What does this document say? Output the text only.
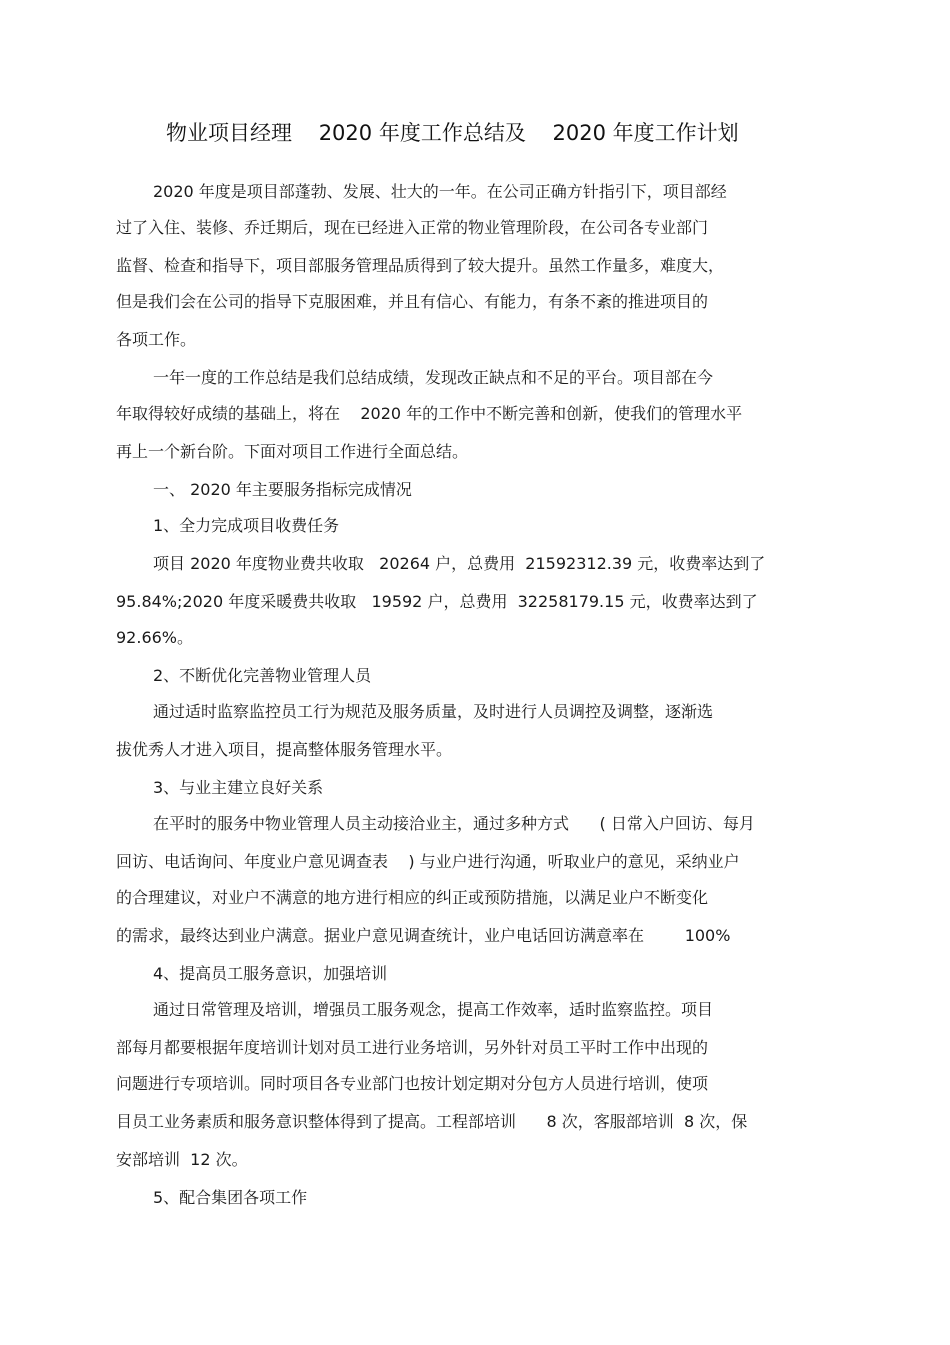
物业项目经理    2020 年度工作总结及    2020 年度工作计划
2020 年度是项目部蓬勃、发展、壮大的一年。在公司正确方针指引下，项目部经
过了入住、装修、乔迁期后，现在已经进入正常的物业管理阶段，在公司各专业部门
监督、检查和指导下，项目部服务管理品质得到了较大提升。虽然工作量多，难度大，
但是我们会在公司的指导下克服困难，并且有信心、有能力，有条不紊的推进项目的
各项工作。
一年一度的工作总结是我们总结成绩，发现改正缺点和不足的平台。项目部在今
年取得较好成绩的基础上，将在    2020 年的工作中不断完善和创新，使我们的管理水平
再上一个新台阶。下面对项目工作进行全面总结。
一、 2020 年主要服务指标完成情况
1、全力完成项目收费任务
项目 2020 年度物业费共收取   20264 户，总费用  21592312.39 元，收费率达到了
95.84%;2020 年度采暖费共收取   19592 户，总费用  32258179.15 元，收费率达到了
92.66%。
2、不断优化完善物业管理人员
通过适时监察监控员工行为规范及服务质量，及时进行人员调控及调整，逐渐选
拔优秀人才进入项目，提高整体服务管理水平。
3、与业主建立良好关系
在平时的服务中物业管理人员主动接洽业主，通过多种方式      ( 日常入户回访、每月
回访、电话询问、年度业户意见调查表    ) 与业户进行沟通，听取业户的意见，采纳业户
的合理建议，对业户不满意的地方进行相应的纠正或预防措施，以满足业户不断变化
的需求，最终达到业户满意。据业户意见调查统计，业户电话回访满意率在        100%
4、提高员工服务意识，加强培训
通过日常管理及培训，增强员工服务观念，提高工作效率，适时监察监控。项目
部每月都要根据年度培训计划对员工进行业务培训，另外针对员工平时工作中出现的
问题进行专项培训。同时项目各专业部门也按计划定期对分包方人员进行培训，使项
目员工业务素质和服务意识整体得到了提高。工程部培训      8 次，客服部培训  8 次，保
安部培训  12 次。
5、配合集团各项工作
